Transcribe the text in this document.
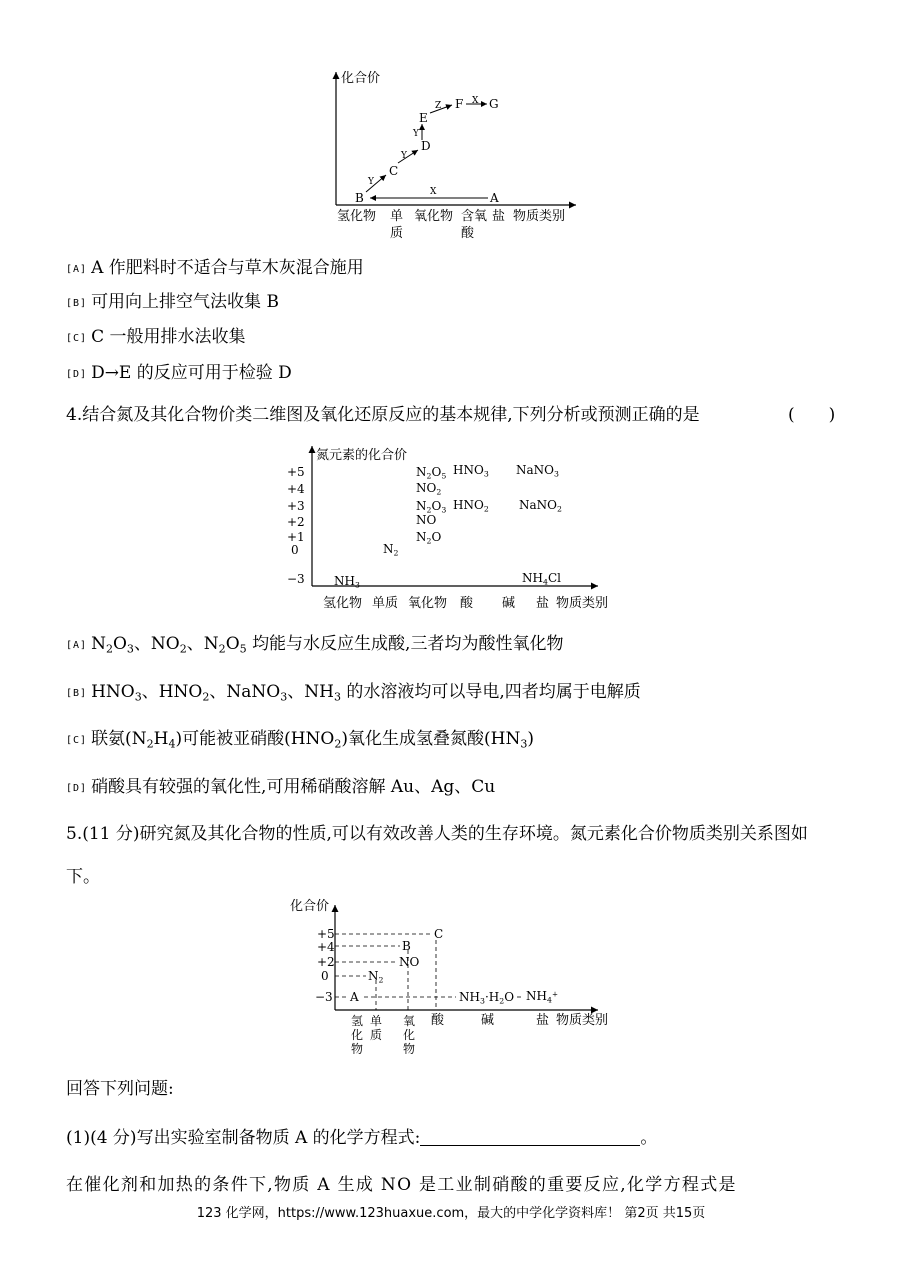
化合价
B
C
D
E
F G
A
Y
Y
Y
Z	X
X
氢化物 单
质
氧化物 含氧
酸
盐 物质类别
[A] A 作肥料时不适合与草木灰混合施用
[B] 可用向上排空气法收集 B
[C] C 一般用排水法收集
[D] D→E 的反应可用于检验 D
4.结合氮及其化合物价类二维图及氧化还原反应的基本规律,下列分析或预测正确的是	(　　)
氮元素的化合价
+5
+4
+3
+2
+1
0
−3
$N_2O_5$ $HNO_3$ NaNO$_3$
$NO_2$
$N_2O_3$ $HNO_2$	NaNO$_2$
NO
$N_2O$
$N_2$
$NH_3$	$NH_4Cl$
氢化物 单质 氧化物 酸 碱 盐 物质类别
[A] $N_2O_3$、$NO_2$、$N_2O_5$ 均能与水反应生成酸,三者均为酸性氧化物
[B] $HNO_3$、$HNO_2$、NaNO$_3$、$NH_3$ 的水溶液均可以导电,四者均属于电解质
[C] 联氨$(N_2H_4)$可能被亚硝酸$(HNO_2)$氧化生成氢叠氮酸$(HN_3)$
[D] 硝酸具有较强的氧化性,可用稀硝酸溶解 Au、Ag、Cu
5.(11 分)研究氮及其化合物的性质,可以有效改善人类的生存环境。氮元素化合价物质类别关系图如
下。
化合价
+5
+4
+2
0
−3
C
B
NO
$N_2$
A	$NH_3\cdot H_2O$ $NH_4^+$
氢
化
物
单
质
氧
化
物
酸	碱	盐 物质类别
回答下列问题:
(1)(4 分)写出实验室制备物质 A 的化学方程式:	。
在催化剂和加热的条件下,物质 A 生成 NO 是工业制硝酸的重要反应,化学方程式是
123 化学网，https://www.123huaxue.com，最大的中学化学资料库！ 第2页 共15页
